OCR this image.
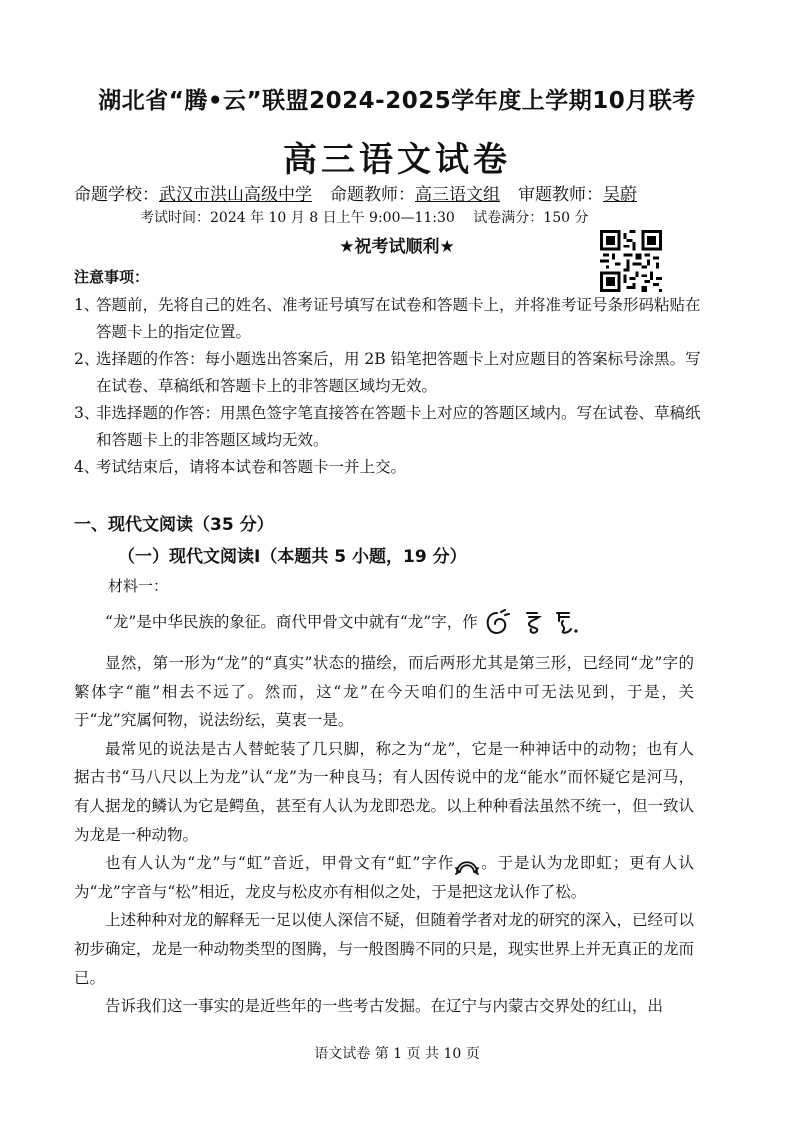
湖北省“腾•云”联盟2024-2025学年度上学期10月联考
高三语文试卷
命题学校：武汉市洪山高级中学 命题教师：高三语文组 审题教师：吴蔚
考试时间：2024 年 10 月 8 日上午 9:00—11:30　 试卷满分：150 分
★祝考试顺利★
注意事项：
1、
答题前，先将自己的姓名、准考证号填写在试卷和答题卡上，并将准考证号条形码粘贴在答题卡上的指定位置。
2、
选择题的作答：每小题选出答案后，用 2B 铅笔把答题卡上对应题目的答案标号涂黑。写在试卷、草稿纸和答题卡上的非答题区域均无效。
3、
非选择题的作答：用黑色签字笔直接答在答题卡上对应的答题区域内。写在试卷、草稿纸和答题卡上的非答题区域均无效。
4、
考试结束后，请将本试卷和答题卡一并上交。
一、现代文阅读（35 分）
（一）现代文阅读Ⅰ（本题共 5 小题，19 分）
材料一：

“龙”是中华民族的象征。商代甲骨文中就有“龙”字，作

显然，第一形为“龙”的“真实”状态的描绘，而后两形尤其是第三形，已经同“龙”字的繁体字“龍”相去不远了。然而，这“龙”在今天咱们的生活中可无法见到，于是，关于“龙”究属何物，说法纷纭，莫衷一是。

最常见的说法是古人替蛇装了几只脚，称之为“龙”，它是一种神话中的动物；也有人据古书“马八尺以上为龙”认“龙”为一种良马；有人因传说中的龙“能水”而怀疑它是河马，有人据龙的鳞认为它是鳄鱼，甚至有人认为龙即恐龙。以上种种看法虽然不统一，但一致认为龙是一种动物。

也有人认为“龙”与“虹”音近，甲骨文有“虹”字作 。于是认为龙即虹；更有人认为“龙”字音与“松”相近，龙皮与松皮亦有相似之处，于是把这龙认作了松。

上述种种对龙的解释无一足以使人深信不疑，但随着学者对龙的研究的深入，已经可以初步确定，龙是一种动物类型的图腾，与一般图腾不同的只是，现实世界上并无真正的龙而已。

告诉我们这一事实的是近些年的一些考古发掘。在辽宁与内蒙古交界处的红山，出

语文试卷 第 1 页 共 10 页
